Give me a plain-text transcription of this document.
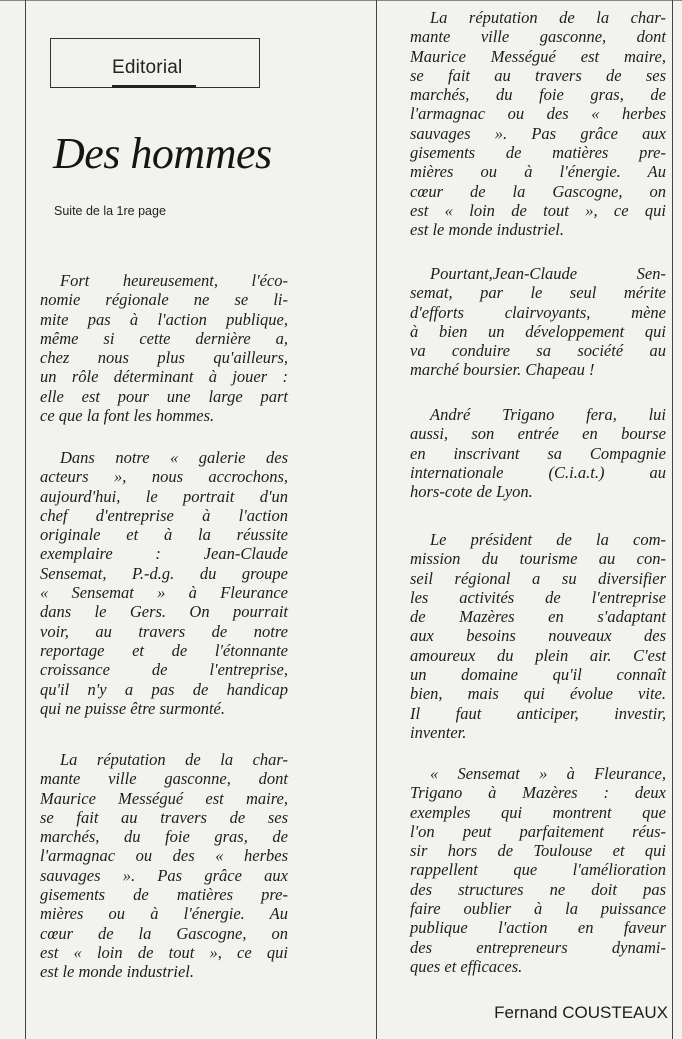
Editorial
Des hommes
Suite de la 1re page
Fort heureusement, l'éco-
nomie régionale ne se li-
mite pas à l'action publique,
même si cette dernière a,
chez nous plus qu'ailleurs,
un rôle déterminant à jouer :
elle est pour une large part
ce que la font les hommes.
Dans notre « galerie des
acteurs », nous accrochons,
aujourd'hui, le portrait d'un
chef d'entreprise à l'action
originale et à la réussite
exemplaire : Jean-Claude
Sensemat, P.-d.g. du groupe
« Sensemat » à Fleurance
dans le Gers. On pourrait
voir, au travers de notre
reportage et de l'étonnante
croissance de l'entreprise,
qu'il n'y a pas de handicap
qui ne puisse être surmonté.
La réputation de la char-
mante ville gasconne, dont
Maurice Mességué est maire,
se fait au travers de ses
marchés, du foie gras, de
l'armagnac ou des « herbes
sauvages ». Pas grâce aux
gisements de matières pre-
mières ou à l'énergie. Au
cœur de la Gascogne, on
est « loin de tout », ce qui
est le monde industriel.
La réputation de la char-
mante ville gasconne, dont
Maurice Mességué est maire,
se fait au travers de ses
marchés, du foie gras, de
l'armagnac ou des « herbes
sauvages ». Pas grâce aux
gisements de matières pre-
mières ou à l'énergie. Au
cœur de la Gascogne, on
est « loin de tout », ce qui
est le monde industriel.
Pourtant,Jean-Claude Sen-
semat, par le seul mérite
d'efforts clairvoyants, mène
à bien un développement qui
va conduire sa société au
marché boursier. Chapeau !
André Trigano fera, lui
aussi, son entrée en bourse
en inscrivant sa Compagnie
internationale (C.i.a.t.) au
hors-cote de Lyon.
Le président de la com-
mission du tourisme au con-
seil régional a su diversifier
les activités de l'entreprise
de Mazères en s'adaptant
aux besoins nouveaux des
amoureux du plein air. C'est
un domaine qu'il connaît
bien, mais qui évolue vite.
Il faut anticiper, investir,
inventer.
« Sensemat » à Fleurance,
Trigano à Mazères : deux
exemples qui montrent que
l'on peut parfaitement réus-
sir hors de Toulouse et qui
rappellent que l'amélioration
des structures ne doit pas
faire oublier à la puissance
publique l'action en faveur
des entrepreneurs dynami-
ques et efficaces.
Fernand COUSTEAUX
